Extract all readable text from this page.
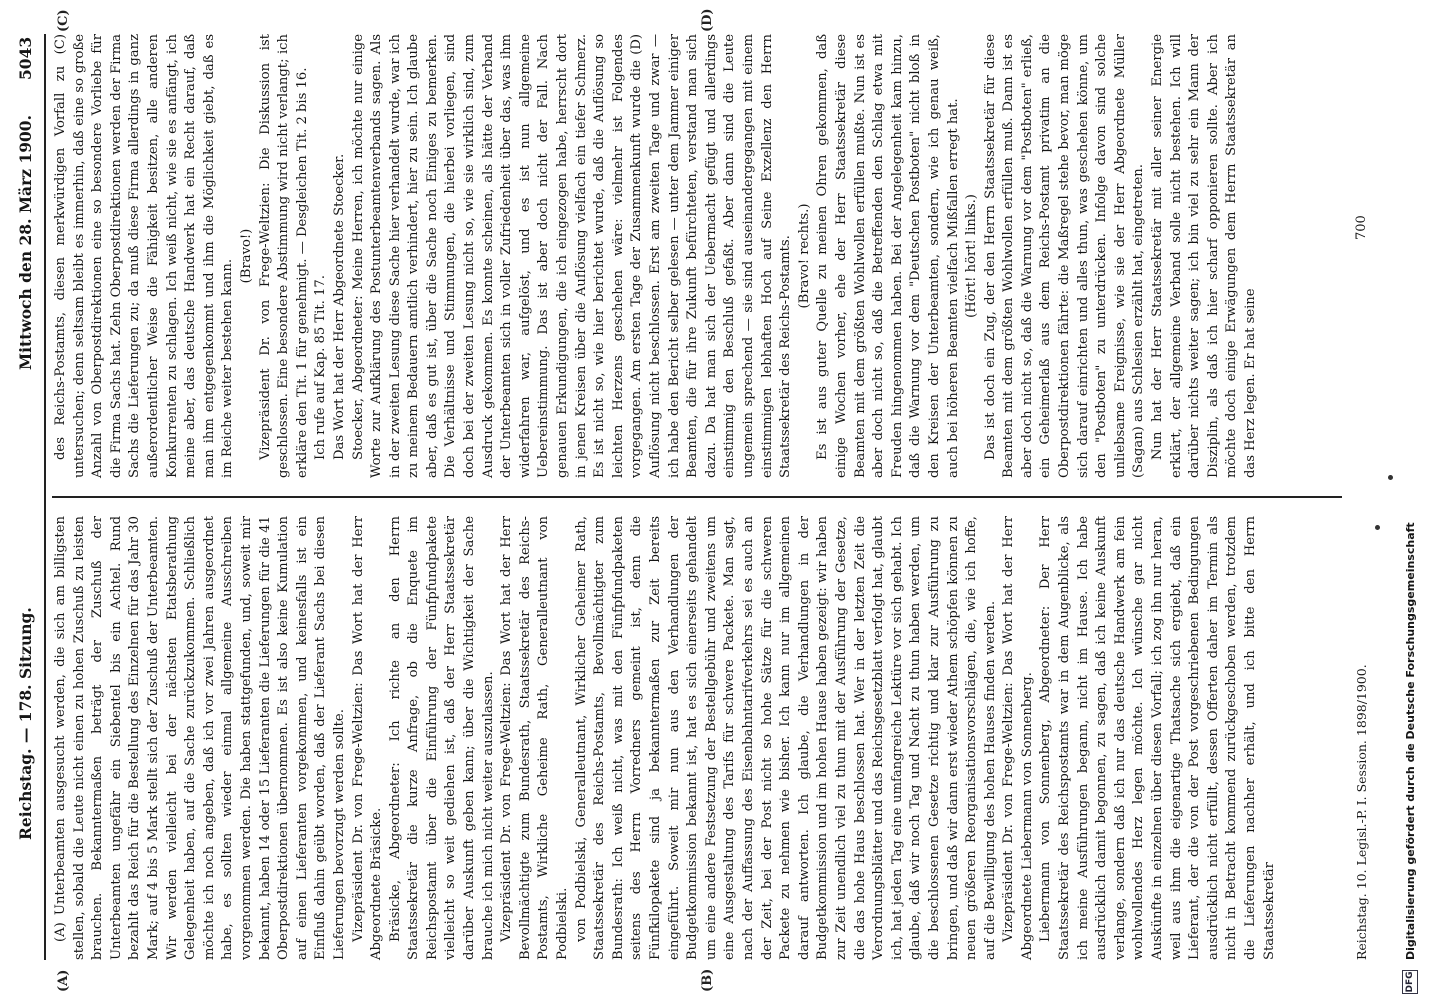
Reichstag. — 178. Sitzung.
Mittwoch den 28. März 1900.
5043

(A) Unterbeamten ausgesucht werden, die sich am billigsten stellen, sobald die Leute nicht einen zu hohen Zuschuß zu leisten brauchen. Bekanntermaßen beträgt der Zuschuß der Unterbeamten ungefähr ein Siebentel bis ein Achtel. Rund bezahlt das Reich für die Bestellung des Einzelnen für das Jahr 30 Mark; auf 4 bis 5 Mark stellt sich der Zuschuß der Unterbeamten. Wir werden vielleicht bei der nächsten Etatsberathung Gelegenheit haben, auf die Sache zurückzukommen. Schließlich möchte ich noch angeben, daß ich vor zwei Jahren ausgeordnet habe, es sollten wieder einmal allgemeine Ausschreiben vorgenommen werden. Die haben stattgefunden, und, soweit mir bekannt, haben 14 oder 15 Lieferanten die Lieferungen für die 41 Oberpostdirektionen übernommen. Es ist also keine Kumulation auf einen Lieferanten vorgekommen, und keinesfalls ist ein Einfluß dahin geübt worden, daß der Lieferant Sachs bei diesen Lieferungen bevorzugt werden sollte. Vizepräsident Dr. von Frege-Weltzien: Das Wort hat der Herr Abgeordnete Bräsicke. Bräsicke, Abgeordneter: Ich richte an den Herrn Staatssekretär die kurze Anfrage, ob die Enquete im Reichspostamt über die Einführung der Fünfpfundpakete vielleicht so weit gediehen ist, daß der Herr Staatssekretär darüber Auskunft geben kann; über die Wichtigkeit der Sache brauche ich mich nicht weiter auszulassen. Vizepräsident Dr. von Frege-Weltzien: Das Wort hat der Herr Bevollmächtigte zum Bundesrath, Staatssekretär des Reichs-Postamts, Wirkliche Geheime Rath, Generalleutnant von Podbielski. von Podbielski, Generalleutnant, Wirklicher Geheimer Rath, Staatssekretär des Reichs-Postamts, Bevollmächtigter zum Bundesrath: Ich weiß nicht, was mit den Fünfpfundpaketen seitens des Herrn Vorredners gemeint ist, denn die Fünfkilopakete sind ja bekanntermaßen zur Zeit bereits eingeführt. Soweit mir nun aus den Verhandlungen der Budgetkommission bekannt ist, hat es sich einerseits gehandelt um eine andere Festsetzung der Bestellgebühr und zweitens um eine Ausgestaltung des Tarifs für schwere Packete. Man sagt, nach der Auffassung des Eisenbahntarifverkehrs sei es auch an der Zeit, bei der Post nicht so hohe Sätze für die schweren Packete zu nehmen wie bisher. Ich kann nur im allgemeinen darauf antworten. Ich glaube, die Verhandlungen in der Budgetkommission und im hohen Hause haben gezeigt: wir haben zur Zeit unendlich viel zu thun mit der Ausführung der Gesetze, die das hohe Haus beschlossen hat. Wer in der letzten Zeit die Verordnungsblätter und das Reichsgesetzblatt verfolgt hat, glaubt ich, hat jeden Tag eine umfangreiche Lektüre vor sich gehabt. Ich glaube, daß wir noch Tag und Nacht zu thun haben werden, um die beschlossenen Gesetze richtig und klar zur Ausführung zu bringen, und daß wir dann erst wieder Athem schöpfen können zu neuen größeren Reorganisationsvorschlägen, die, wie ich hoffe, auf die Bewilligung des hohen Hauses finden werden. Vizepräsident Dr. von Frege-Weltzien: Das Wort hat der Herr Abgeordnete Liebermann von Sonnenberg. Liebermann von Sonnenberg, Abgeordneter: Der Herr Staatssekretär des Reichspostamts war in dem Augenblicke, als ich meine Ausführungen begann, nicht im Hause. Ich habe ausdrücklich damit begonnen, zu sagen, daß ich keine Auskunft verlange, sondern daß ich nur das deutsche Handwerk am fein wohlwollendes Herz legen möchte. Ich wünsche gar nicht Auskünfte in einzelnen über diesen Vorfall; ich zog ihn nur heran, weil aus ihm die eigenartige Thatsache sich ergiebt, daß ein Lieferant, der die von der Post vorgeschriebenen Bedingungen ausdrücklich nicht erfüllt, dessen Offerten daher im Termin als nicht in Betracht kommend zurückgeschoben werden, trotzdem die Lieferungen nachher erhält, und ich bitte den Herrn Staatssekretär

des Reichs-Postamts, diesen merkwürdigen Vorfall zu (C) untersuchen; denn seltsam bleibt es immerhin, daß eine so große Anzahl von Oberpostdirektionen eine so besondere Vorliebe für die Firma Sachs hat. Zehn Oberpostdirektionen werden der Firma Sachs die Lieferungen zu; da muß diese Firma allerdings in ganz außerordentlicher Weise die Fähigkeit besitzen, alle anderen Konkurrenten zu schlagen. Ich weiß nicht, wie sie es anfängt, ich meine aber, das deutsche Handwerk hat ein Recht darauf, daß man ihm entgegenkommt und ihm die Möglichkeit giebt, daß es im Reiche weiter bestehen kann.

(Bravo!) Vizepräsident Dr. von Frege-Weltzien: Die Diskussion ist geschlossen. Eine besondere Abstimmung wird nicht verlangt; ich erkläre den Tit. 1 für genehmigt. — Desgleichen Tit. 2 bis 16. Ich rufe auf Kap. 85 Tit. 17. Das Wort hat der Herr Abgeordnete Stoecker. Stoecker, Abgeordneter: Meine Herren, ich möchte nur einige Worte zur Aufklärung des Postunterbeamtenverbands sagen. Als in der zweiten Lesung diese Sache hier verhandelt wurde, war ich zu meinem Bedauern amtlich verhindert, hier zu sein. Ich glaube aber, daß es gut ist, über die Sache noch Einiges zu bemerken. Die Verhältnisse und Stimmungen, die hierbei vorliegen, sind doch bei der zweiten Lesung nicht so, wie sie wirklich sind, zum Ausdruck gekommen. Es konnte scheinen, als hätte der Verband der Unterbeamten sich in voller Zufriedenheit über das, was ihm widerfahren war, aufgelöst, und es ist nun allgemeine Uebereinstimmung. Das ist aber doch nicht der Fall. Nach genauen Erkundigungen, die ich eingezogen habe, herrscht dort in jenen Kreisen über die Auflösung vielfach ein tiefer Schmerz. Es ist nicht so, wie hier berichtet wurde, daß die Auflösung so leichten Herzens geschehen wäre: vielmehr ist Folgendes vorgegangen. Am ersten Tage der Zusammenkunft wurde die (D) Auflösung nicht beschlossen. Erst am zweiten Tage und zwar — ich habe den Bericht selber gelesen — unter dem Jammer einiger Beamten, die für ihre Zukunft befürchteten, verstand man sich dazu. Da hat man sich der Uebermacht gefügt und allerdings einstimmig den Beschluß gefaßt. Aber dann sind die Leute ungemein sprechend — sie sind auseinandergegangen mit einem einstimmigen lebhaften Hoch auf Seine Exzellenz den Herrn Staatssekretär des Reichs-Postamts. (Bravo! rechts.) Es ist aus guter Quelle zu meinen Ohren gekommen, daß einige Wochen vorher, ehe der Herr Staatssekretär diese Beamten mit dem größten Wohlwollen erfüllen mußte. Nun ist es aber doch nicht so, daß die Betreffenden den Schlag etwa mit Freuden hingenommen haben. Bei der Angelegenheit kam hinzu, daß die Warnung vor dem "Deutschen Postboten" nicht bloß in den Kreisen der Unterbeamten, sondern, wie ich genau weiß, auch bei höheren Beamten vielfach Mißfallen erregt hat. (Hört! hört! links.) Das ist doch ein Zug, der den Herrn Staatssekretär für diese Beamten mit dem größten Wohlwollen erfüllen muß. Dann ist es aber doch nicht so, daß die Warnung vor dem "Postboten" erließ, ein Geheimerlaß aus dem Reichs-Postamt privatim an die Oberpostdirektionen fährte: die Maßregel stehe bevor, man möge sich darauf einrichten und alles thun, was geschehen könne, um den "Postboten" zu unterdrücken. Infolge davon sind solche unliebsame Ereignisse, wie sie der Herr Abgeordnete Müller (Sagan) aus Schlesien erzählt hat, eingetreten. Nun hat der Herr Staatssekretär mit aller seiner Energie erklärt, der allgemeine Verband solle nicht bestehen. Ich will darüber nichts weiter sagen; ich bin viel zu sehr ein Mann der Disziplin, als daß ich hier scharf opponieren sollte. Aber ich möchte doch einige Erwägungen dem Herrn Staatssekretär an das Herz legen. Er hat seine

(A)	(B)
(C)	(D)
Reichstag. 10. Legisl.-P. I. Session. 1898/1900.
700
DFG
Digitalisierung gefördert durch die Deutsche Forschungsgemeinschaft
